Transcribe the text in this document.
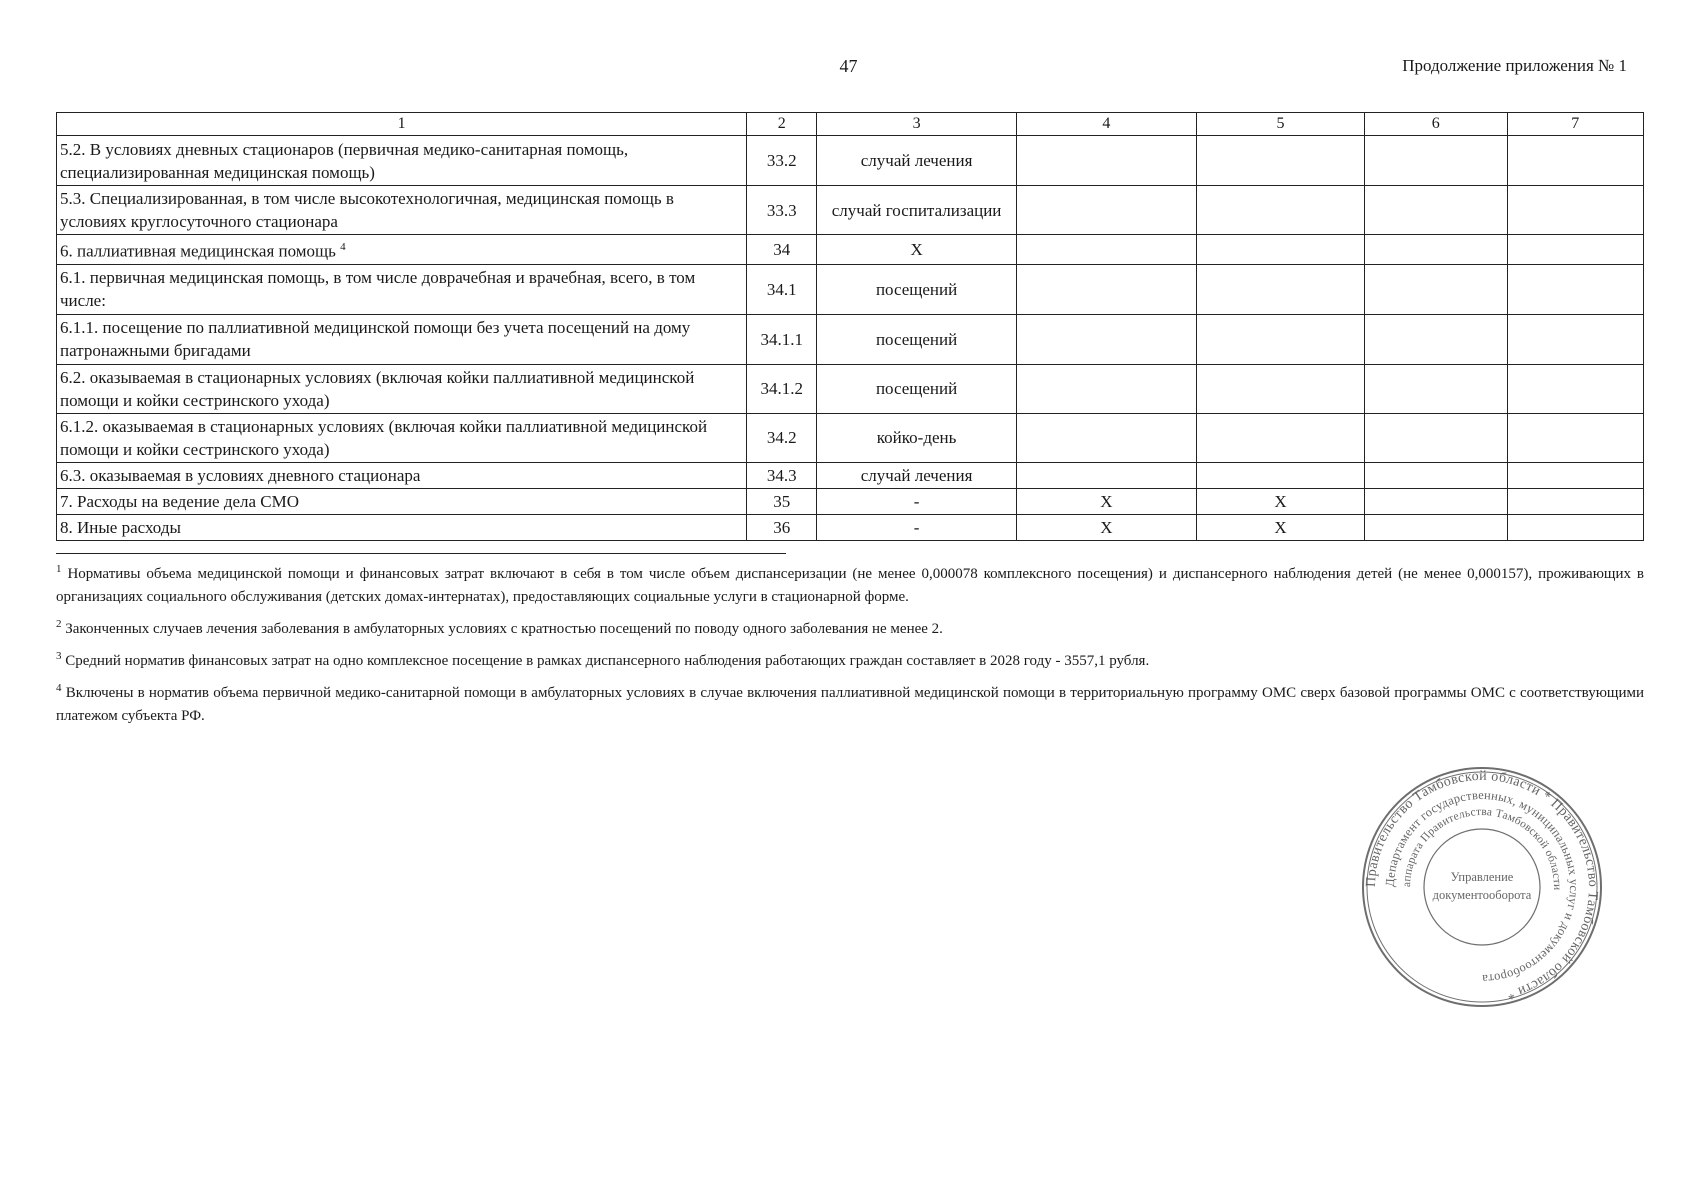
47	Продолжение приложения № 1
1	2	3	4	5	6	7
5.2. В условиях дневных стационаров (первичная медико-санитарная помощь, специализированная медицинская помощь)	33.2	случай лечения				
5.3. Специализированная, в том числе высокотехнологичная, медицинская помощь в условиях круглосуточного стационара	33.3	случай госпитализации				
6. паллиативная медицинская помощь $^4$	34	Х				
6.1. первичная медицинская помощь, в том числе доврачебная и врачебная, всего, в том числе:	34.1	посещений				
6.1.1. посещение по паллиативной медицинской помощи без учета посещений на дому патронажными бригадами	34.1.1	посещений				
6.2. оказываемая в стационарных условиях (включая койки паллиативной медицинской помощи и койки сестринского ухода)	34.1.2	посещений				
6.1.2. оказываемая в стационарных условиях (включая койки паллиативной медицинской помощи и койки сестринского ухода)	34.2	койко-день				
6.3. оказываемая в условиях дневного стационара	34.3	случай лечения				
7. Расходы на ведение дела СМО	35	-	Х	Х		
8. Иные расходы	36	-	Х	Х		

$^1$ Нормативы объема медицинской помощи и финансовых затрат включают в себя в том числе объем диспансеризации (не менее 0,000078 комплексного посещения) и диспансерного наблюдения детей (не менее 0,000157), проживающих в организациях социального обслуживания (детских домах-интернатах), предоставляющих социальные услуги в стационарной форме.

$^2$ Законченных случаев лечения заболевания в амбулаторных условиях с кратностью посещений по поводу одного заболевания не менее 2.

$^3$ Средний норматив финансовых затрат на одно комплексное посещение в рамках диспансерного наблюдения работающих граждан составляет в 2028 году - 3557,1 рубля.

$^4$ Включены в норматив объема первичной медико-санитарной помощи в амбулаторных условиях в случае включения паллиативной медицинской помощи в территориальную программу ОМС сверх базовой программы ОМС с соответствующими платежом субъекта РФ.

Правительство Тамбовской области * Правительство Тамбовской области *
Департамент государственных, муниципальных услуг и документооборота
аппарата Правительства Тамбовской области
Управление
документооборота
